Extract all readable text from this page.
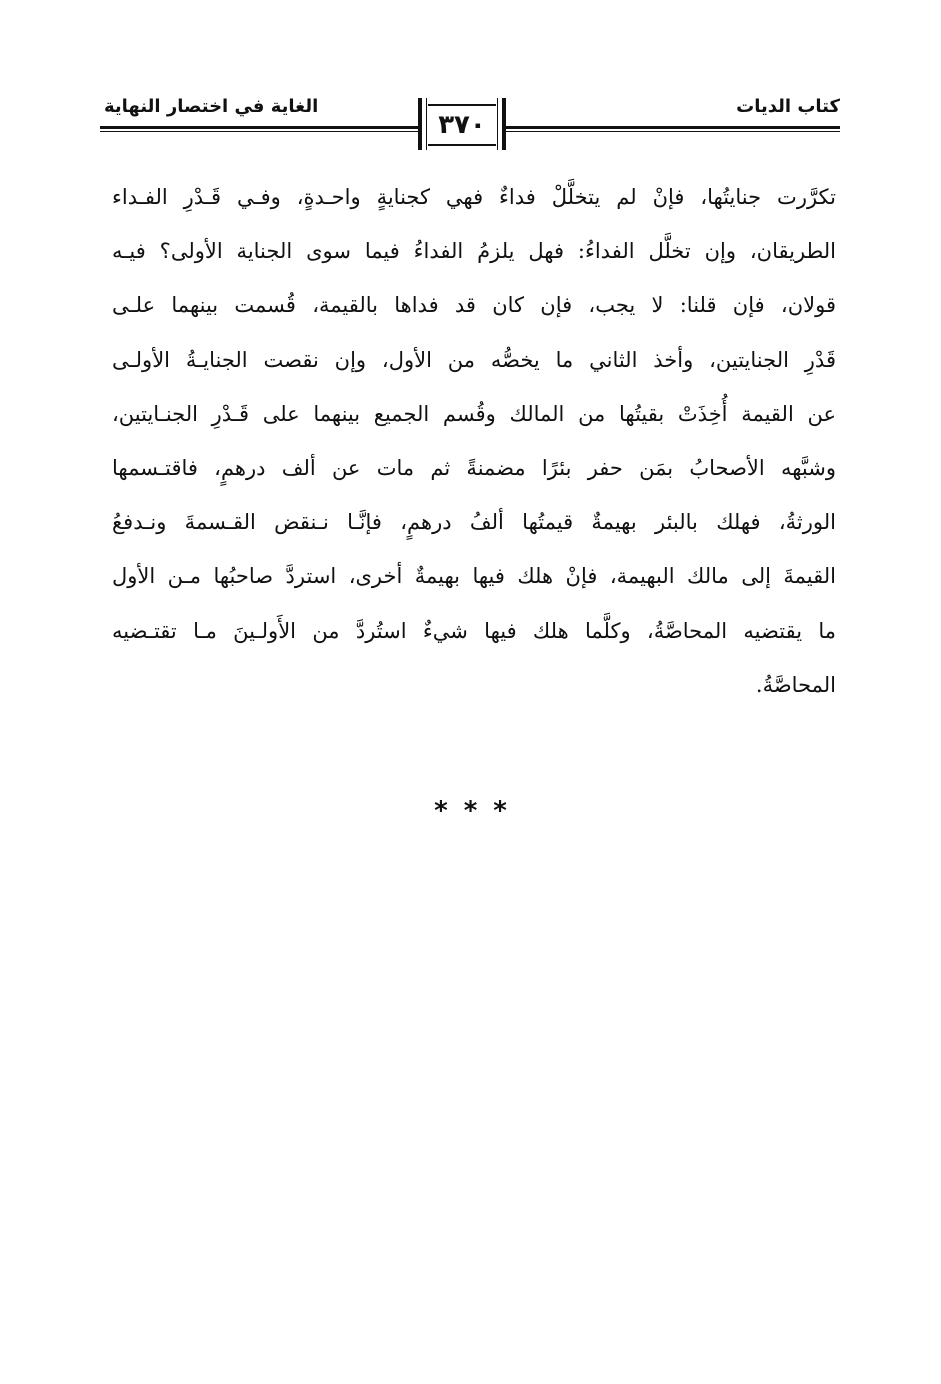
كتاب الديات
الغاية في اختصار النهاية
٣٧٠
تكرَّرت جنايتُها، فإنْ لم يتخلَّلْ فداءٌ فهي كجنايةٍ واحـدةٍ، وفـي قَـدْرِ الفـداء
الطريقان، وإن تخلَّل الفداءُ: فهل يلزمُ الفداءُ فيما سوى الجناية الأولى؟ فيـه
قولان، فإن قلنا: لا يجب، فإن كان قد فداها بالقيمة، قُسمت بينهما علـى
قَدْرِ الجنايتين، وأخذ الثاني ما يخصُّه من الأول، وإن نقصت الجنايـةُ الأولـى
عن القيمة أُخِذَتْ بقيتُها من المالك وقُسم الجميع بينهما على قَـدْرِ الجنـايتين،
وشبَّهه الأصحابُ بمَن حفر بئرًا مضمنةً ثم مات عن ألف درهمٍ، فاقتـسمها
الورثةُ، فهلك بالبئر بهيمةٌ قيمتُها ألفُ درهمٍ، فإنَّـا نـنقض القـسمةَ ونـدفعُ
القيمةَ إلى مالك البهيمة، فإنْ هلك فيها بهيمةٌ أخرى، استردَّ صاحبُها مـن الأول
ما يقتضيه المحاصَّةُ، وكلَّما هلك فيها شيءٌ استُردَّ من الأَولـينَ مـا تقتـضيه
المحاصَّةُ.
***
